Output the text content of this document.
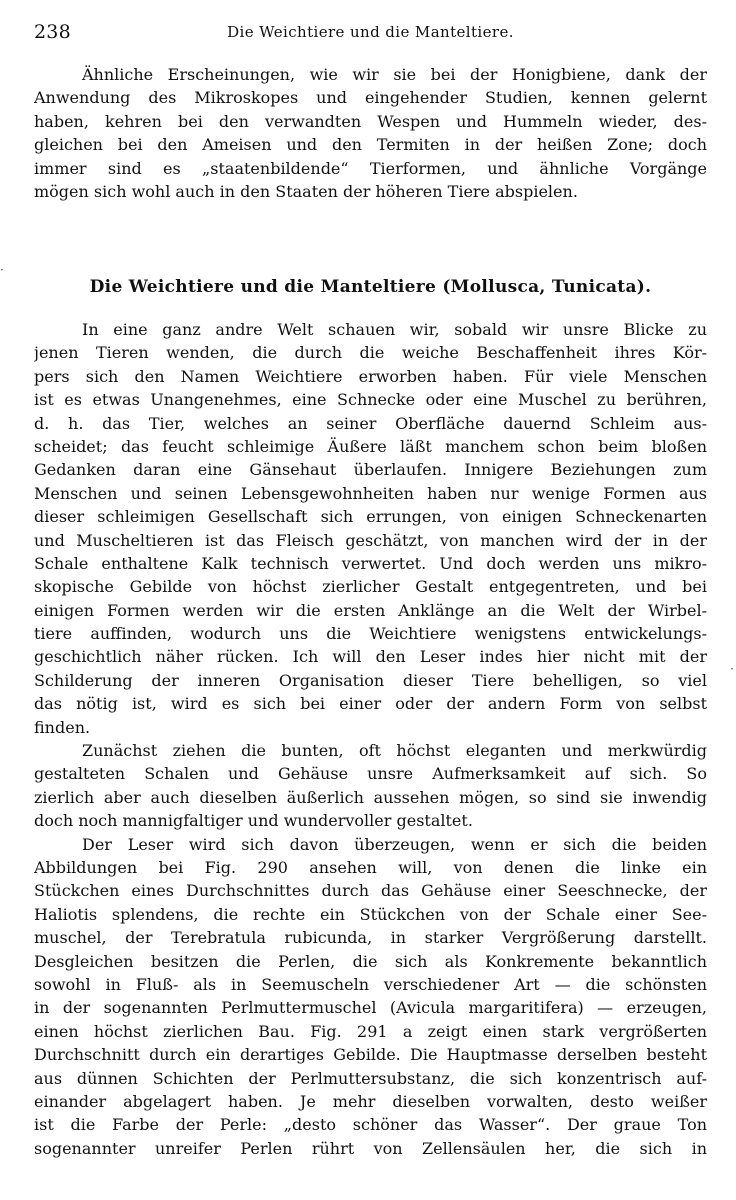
238	Die Weichtiere und die Manteltiere.
Ähnliche Erscheinungen, wie wir sie bei der Honigbiene, dank der
Anwendung des Mikroskopes und eingehender Studien, kennen gelernt
haben, kehren bei den verwandten Wespen und Hummeln wieder, des-
gleichen bei den Ameisen und den Termiten in der heißen Zone; doch
immer sind es „staatenbildende“ Tierformen, und ähnliche Vorgänge
mögen sich wohl auch in den Staaten der höheren Tiere abspielen.
Die Weichtiere und die Manteltiere (Mollusca, Tunicata).
In eine ganz andre Welt schauen wir, sobald wir unsre Blicke zu
jenen Tieren wenden, die durch die weiche Beschaffenheit ihres Kör-
pers sich den Namen Weichtiere erworben haben. Für viele Menschen
ist es etwas Unangenehmes, eine Schnecke oder eine Muschel zu berühren,
d. h. das Tier, welches an seiner Oberfläche dauernd Schleim aus-
scheidet; das feucht schleimige Äußere läßt manchem schon beim bloßen
Gedanken daran eine Gänsehaut überlaufen. Innigere Beziehungen zum
Menschen und seinen Lebensgewohnheiten haben nur wenige Formen aus
dieser schleimigen Gesellschaft sich errungen, von einigen Schneckenarten
und Muscheltieren ist das Fleisch geschätzt, von manchen wird der in der
Schale enthaltene Kalk technisch verwertet. Und doch werden uns mikro-
skopische Gebilde von höchst zierlicher Gestalt entgegentreten, und bei
einigen Formen werden wir die ersten Anklänge an die Welt der Wirbel-
tiere auffinden, wodurch uns die Weichtiere wenigstens entwickelungs-
geschichtlich näher rücken. Ich will den Leser indes hier nicht mit der
Schilderung der inneren Organisation dieser Tiere behelligen, so viel
das nötig ist, wird es sich bei einer oder der andern Form von selbst
finden.
Zunächst ziehen die bunten, oft höchst eleganten und merkwürdig
gestalteten Schalen und Gehäuse unsre Aufmerksamkeit auf sich. So
zierlich aber auch dieselben äußerlich aussehen mögen, so sind sie inwendig
doch noch mannigfaltiger und wundervoller gestaltet.
Der Leser wird sich davon überzeugen, wenn er sich die beiden
Abbildungen bei Fig. 290 ansehen will, von denen die linke ein
Stückchen eines Durchschnittes durch das Gehäuse einer Seeschnecke, der
Haliotis splendens, die rechte ein Stückchen von der Schale einer See-
muschel, der Terebratula rubicunda, in starker Vergrößerung darstellt.
Desgleichen besitzen die Perlen, die sich als Konkremente bekanntlich
sowohl in Fluß- als in Seemuscheln verschiedener Art — die schönsten
in der sogenannten Perlmuttermuschel (Avicula margaritifera) — erzeugen,
einen höchst zierlichen Bau. Fig. 291 a zeigt einen stark vergrößerten
Durchschnitt durch ein derartiges Gebilde. Die Hauptmasse derselben besteht
aus dünnen Schichten der Perlmuttersubstanz, die sich konzentrisch auf-
einander abgelagert haben. Je mehr dieselben vorwalten, desto weißer
ist die Farbe der Perle: „desto schöner das Wasser“. Der graue Ton
sogenannter unreifer Perlen rührt von Zellensäulen her, die sich in
·
·
